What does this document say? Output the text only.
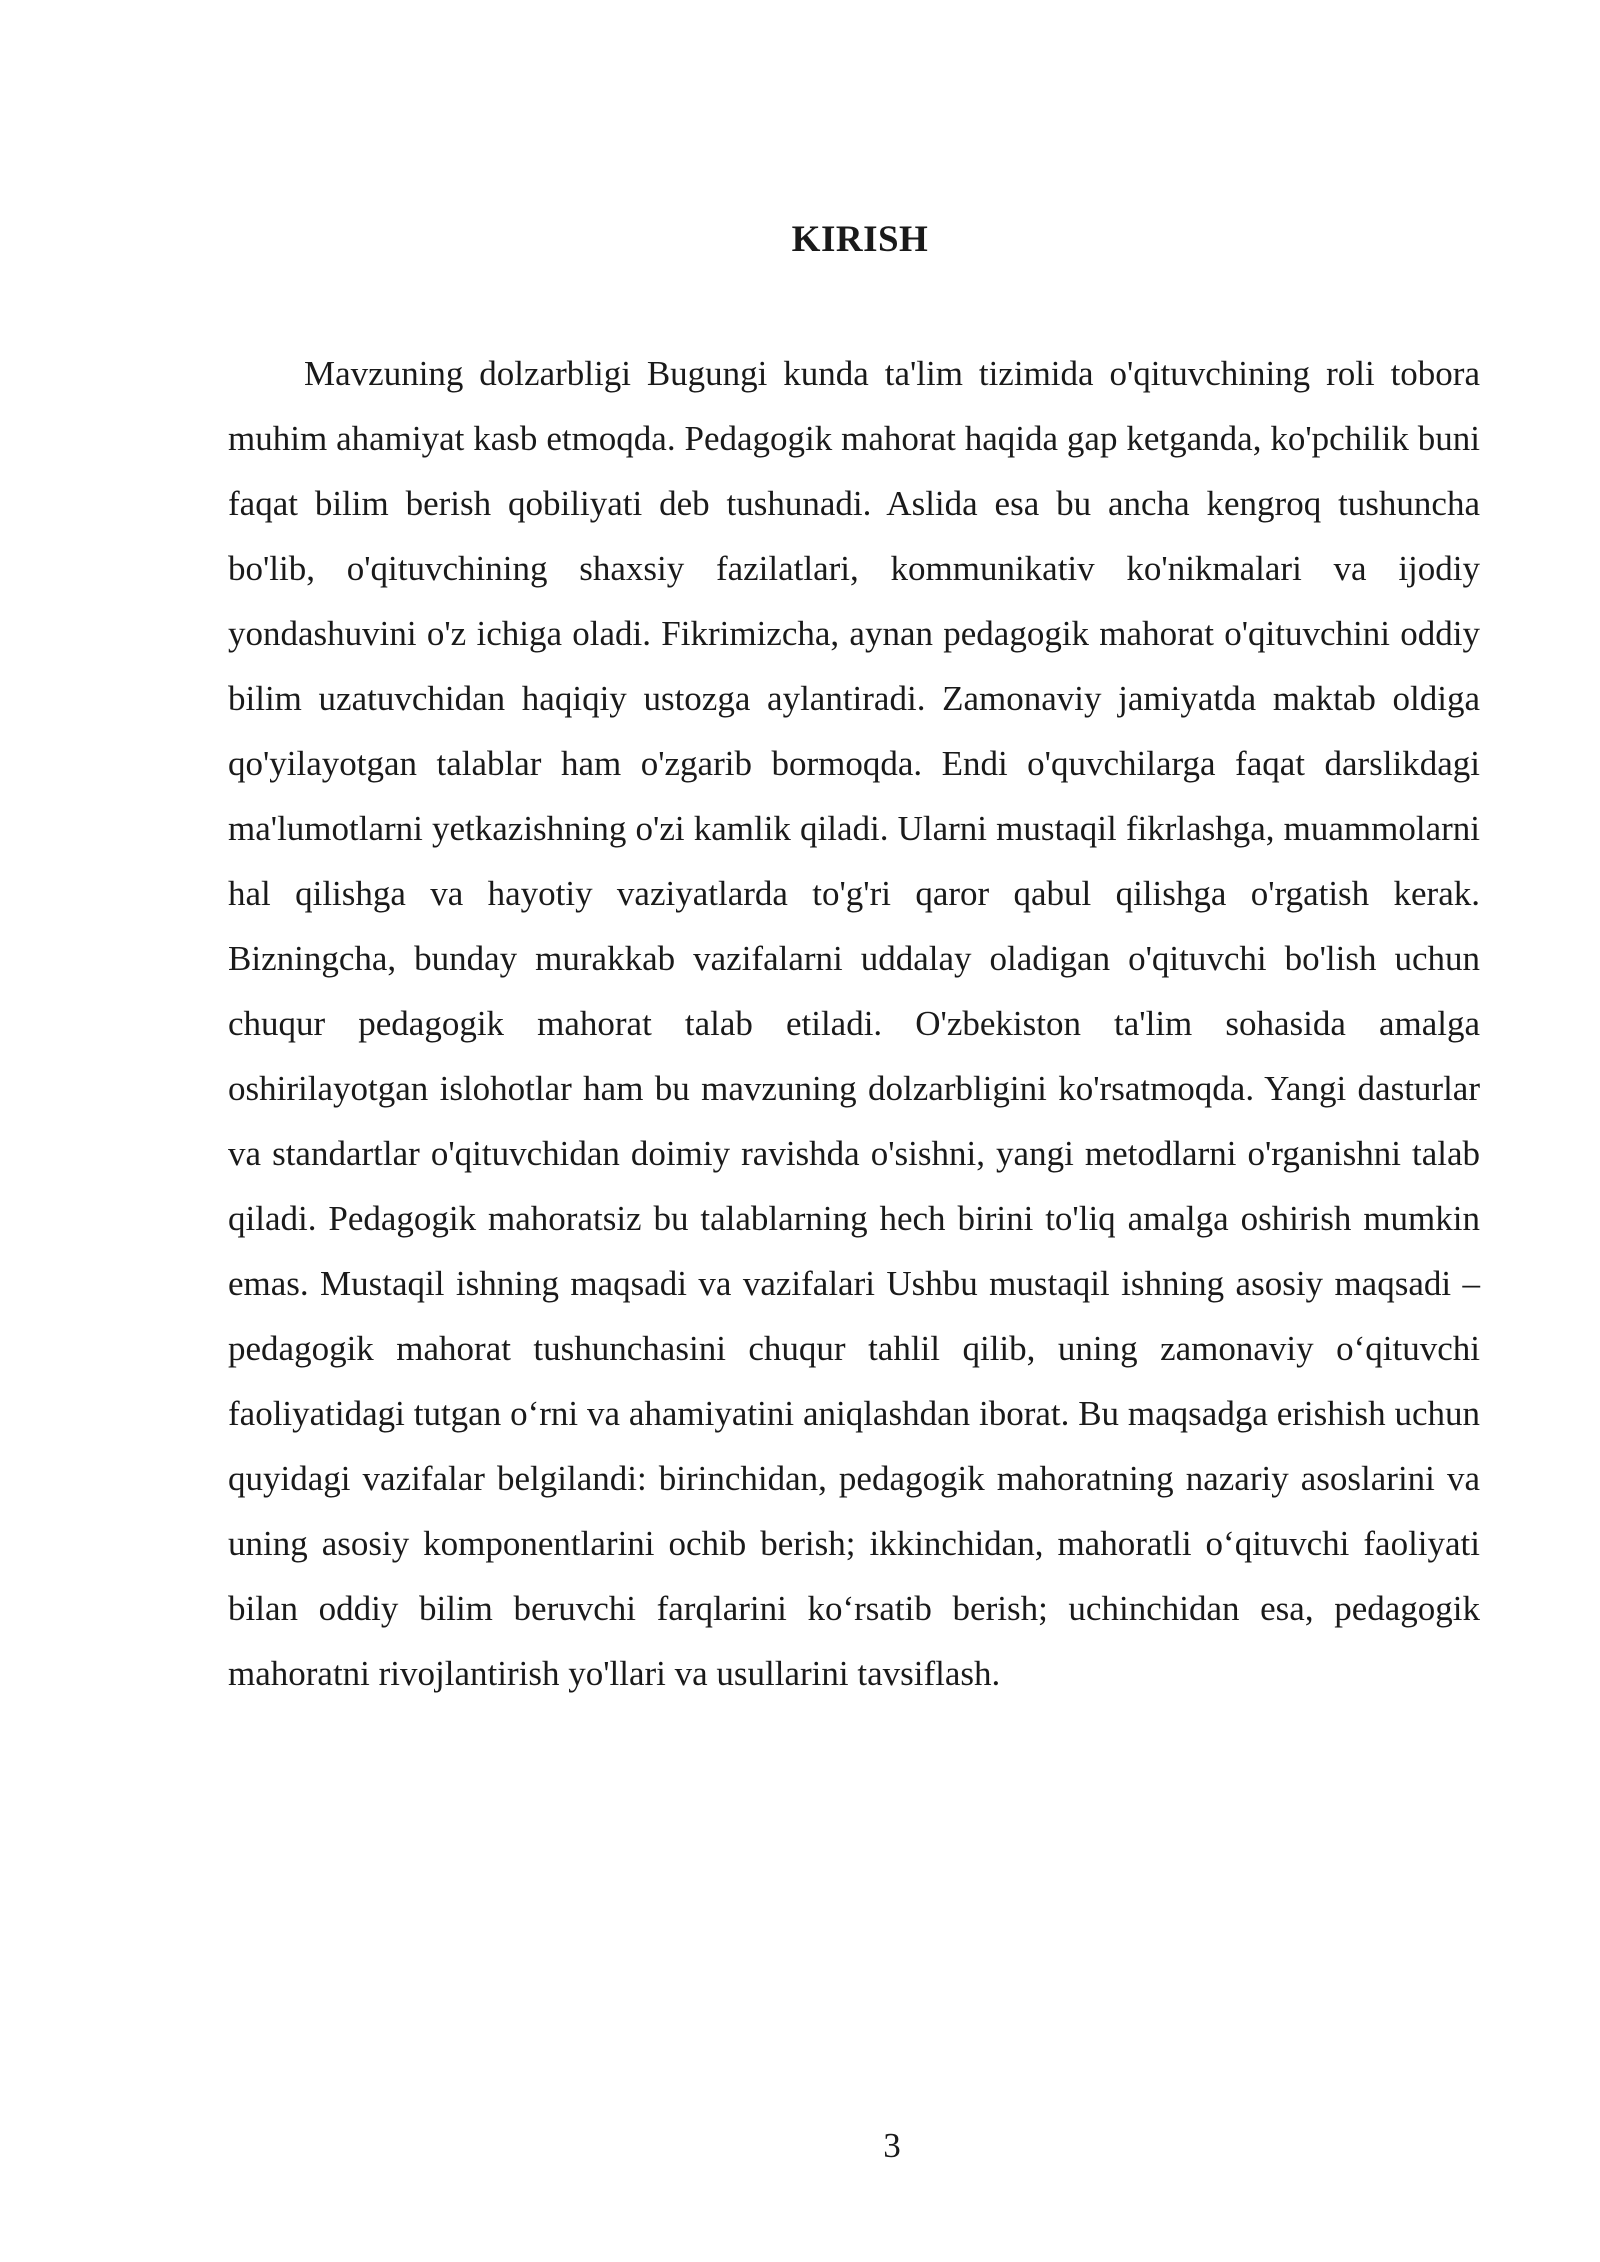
KIRISH

Mavzuning dolzarbligi Bugungi kunda ta'lim tizimida o'qituvchining roli tobora muhim ahamiyat kasb etmoqda. Pedagogik mahorat haqida gap ketganda, ko'pchilik buni faqat bilim berish qobiliyati deb tushunadi. Aslida esa bu ancha kengroq tushuncha bo'lib, o'qituvchining shaxsiy fazilatlari, kommunikativ ko'nikmalari va ijodiy yondashuvini o'z ichiga oladi. Fikrimizcha, aynan pedagogik mahorat o'qituvchini oddiy bilim uzatuvchidan haqiqiy ustozga aylantiradi. Zamonaviy jamiyatda maktab oldiga qo'yilayotgan talablar ham o'zgarib bormoqda. Endi o'quvchilarga faqat darslikdagi ma'lumotlarni yetkazishning o'zi kamlik qiladi. Ularni mustaqil fikrlashga, muammolarni hal qilishga va hayotiy vaziyatlarda to'g'ri qaror qabul qilishga o'rgatish kerak. Bizningcha, bunday murakkab vazifalarni uddalay oladigan o'qituvchi bo'lish uchun chuqur pedagogik mahorat talab etiladi. O'zbekiston ta'lim sohasida amalga oshirilayotgan islohotlar ham bu mavzuning dolzarbligini ko'rsatmoqda. Yangi dasturlar va standartlar o'qituvchidan doimiy ravishda o'sishni, yangi metodlarni o'rganishni talab qiladi. Pedagogik mahoratsiz bu talablarning hech birini to'liq amalga oshirish mumkin emas. Mustaqil ishning maqsadi va vazifalari Ushbu mustaqil ishning asosiy maqsadi – pedagogik mahorat tushunchasini chuqur tahlil qilib, uning zamonaviy o‘qituvchi faoliyatidagi tutgan o‘rni va ahamiyatini aniqlashdan iborat. Bu maqsadga erishish uchun quyidagi vazifalar belgilandi: birinchidan, pedagogik mahoratning nazariy asoslarini va uning asosiy komponentlarini ochib berish; ikkinchidan, mahoratli o‘qituvchi faoliyati bilan oddiy bilim beruvchi farqlarini ko‘rsatib berish; uchinchidan esa, pedagogik mahoratni rivojlantirish yo'llari va usullarini tavsiflash.

3
